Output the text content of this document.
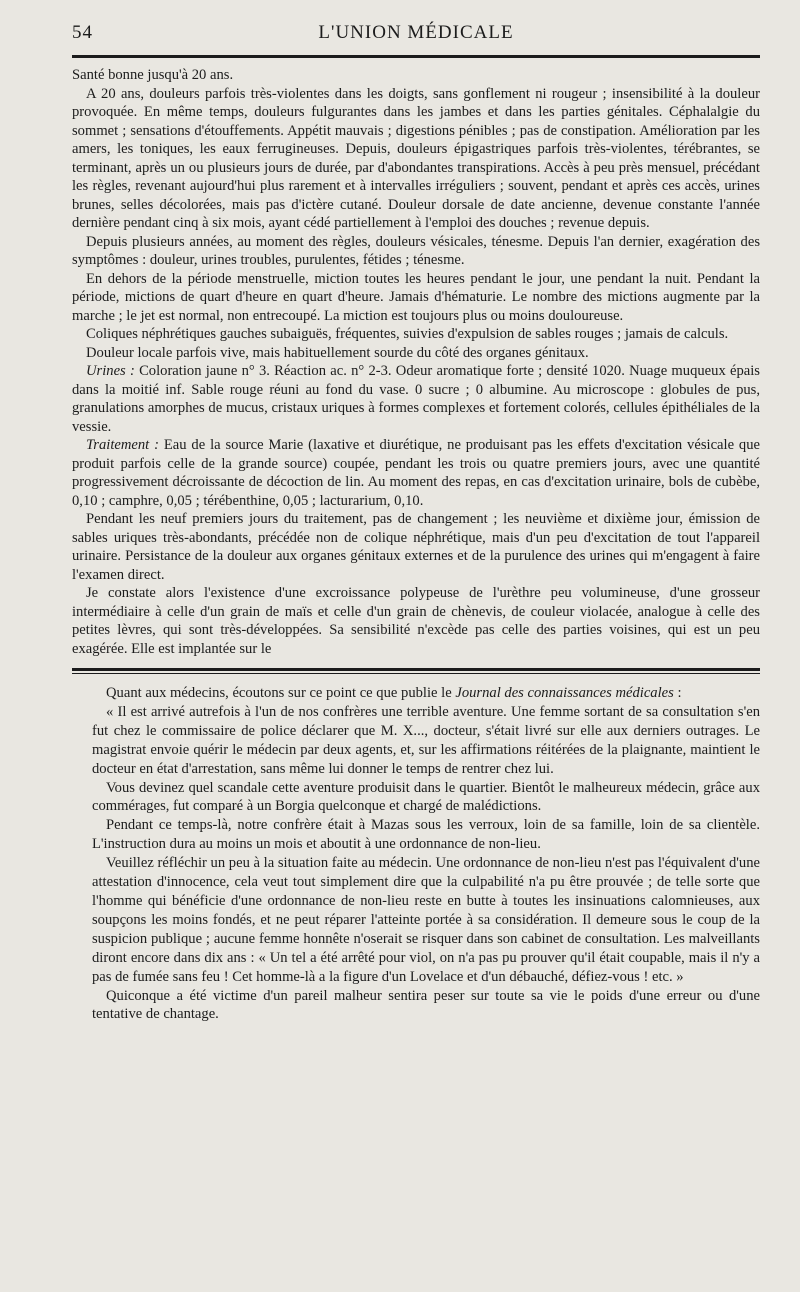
54	L'UNION MÉDICALE

Santé bonne jusqu'à 20 ans.

A 20 ans, douleurs parfois très-violentes dans les doigts, sans gonflement ni rougeur ; insensibilité à la douleur provoquée. En même temps, douleurs fulgurantes dans les jambes et dans les parties génitales. Céphalalgie du sommet ; sensations d'étouffements. Appétit mauvais ; digestions pénibles ; pas de constipation. Amélioration par les amers, les toniques, les eaux ferrugineuses. Depuis, douleurs épigastriques parfois très-violentes, térébrantes, se terminant, après un ou plusieurs jours de durée, par d'abondantes transpirations. Accès à peu près mensuel, précédant les règles, revenant aujourd'hui plus rarement et à intervalles irréguliers ; souvent, pendant et après ces accès, urines brunes, selles décolorées, mais pas d'ictère cutané. Douleur dorsale de date ancienne, devenue constante l'année dernière pendant cinq à six mois, ayant cédé partiellement à l'emploi des douches ; revenue depuis.

Depuis plusieurs années, au moment des règles, douleurs vésicales, ténesme. Depuis l'an dernier, exagération des symptômes : douleur, urines troubles, purulentes, fétides ; ténesme.

En dehors de la période menstruelle, miction toutes les heures pendant le jour, une pendant la nuit. Pendant la période, mictions de quart d'heure en quart d'heure. Jamais d'hématurie. Le nombre des mictions augmente par la marche ; le jet est normal, non entrecoupé. La miction est toujours plus ou moins douloureuse.

Coliques néphrétiques gauches subaiguës, fréquentes, suivies d'expulsion de sables rouges ; jamais de calculs.

Douleur locale parfois vive, mais habituellement sourde du côté des organes génitaux.

Urines : Coloration jaune n° 3. Réaction ac. n° 2-3. Odeur aromatique forte ; densité 1020. Nuage muqueux épais dans la moitié inf. Sable rouge réuni au fond du vase. 0 sucre ; 0 albumine. Au microscope : globules de pus, granulations amorphes de mucus, cristaux uriques à formes complexes et fortement colorés, cellules épithéliales de la vessie.

Traitement : Eau de la source Marie (laxative et diurétique, ne produisant pas les effets d'excitation vésicale que produit parfois celle de la grande source) coupée, pendant les trois ou quatre premiers jours, avec une quantité progressivement décroissante de décoction de lin. Au moment des repas, en cas d'excitation urinaire, bols de cubèbe, 0,10 ; camphre, 0,05 ; térébenthine, 0,05 ; lacturarium, 0,10.

Pendant les neuf premiers jours du traitement, pas de changement ; les neuvième et dixième jour, émission de sables uriques très-abondants, précédée non de colique néphrétique, mais d'un peu d'excitation de tout l'appareil urinaire. Persistance de la douleur aux organes génitaux externes et de la purulence des urines qui m'engagent à faire l'examen direct.

Je constate alors l'existence d'une excroissance polypeuse de l'urèthre peu volumineuse, d'une grosseur intermédiaire à celle d'un grain de maïs et celle d'un grain de chènevis, de couleur violacée, analogue à celle des petites lèvres, qui sont très-développées. Sa sensibilité n'excède pas celle des parties voisines, qui est un peu exagérée. Elle est implantée sur le

Quant aux médecins, écoutons sur ce point ce que publie le Journal des connaissances médicales :

« Il est arrivé autrefois à l'un de nos confrères une terrible aventure. Une femme sortant de sa consultation s'en fut chez le commissaire de police déclarer que M. X..., docteur, s'était livré sur elle aux derniers outrages. Le magistrat envoie quérir le médecin par deux agents, et, sur les affirmations réitérées de la plaignante, maintient le docteur en état d'arrestation, sans même lui donner le temps de rentrer chez lui.

Vous devinez quel scandale cette aventure produisit dans le quartier. Bientôt le malheureux médecin, grâce aux commérages, fut comparé à un Borgia quelconque et chargé de malédictions.

Pendant ce temps-là, notre confrère était à Mazas sous les verroux, loin de sa famille, loin de sa clientèle. L'instruction dura au moins un mois et aboutit à une ordonnance de non-lieu.

Veuillez réfléchir un peu à la situation faite au médecin. Une ordonnance de non-lieu n'est pas l'équivalent d'une attestation d'innocence, cela veut tout simplement dire que la culpabilité n'a pu être prouvée ; de telle sorte que l'homme qui bénéficie d'une ordonnance de non-lieu reste en butte à toutes les insinuations calomnieuses, aux soupçons les moins fondés, et ne peut réparer l'atteinte portée à sa considération. Il demeure sous le coup de la suspicion publique ; aucune femme honnête n'oserait se risquer dans son cabinet de consultation. Les malveillants diront encore dans dix ans : « Un tel a été arrêté pour viol, on n'a pas pu prouver qu'il était coupable, mais il n'y a pas de fumée sans feu ! Cet homme-là a la figure d'un Lovelace et d'un débauché, défiez-vous ! etc. »

Quiconque a été victime d'un pareil malheur sentira peser sur toute sa vie le poids d'une erreur ou d'une tentative de chantage.
